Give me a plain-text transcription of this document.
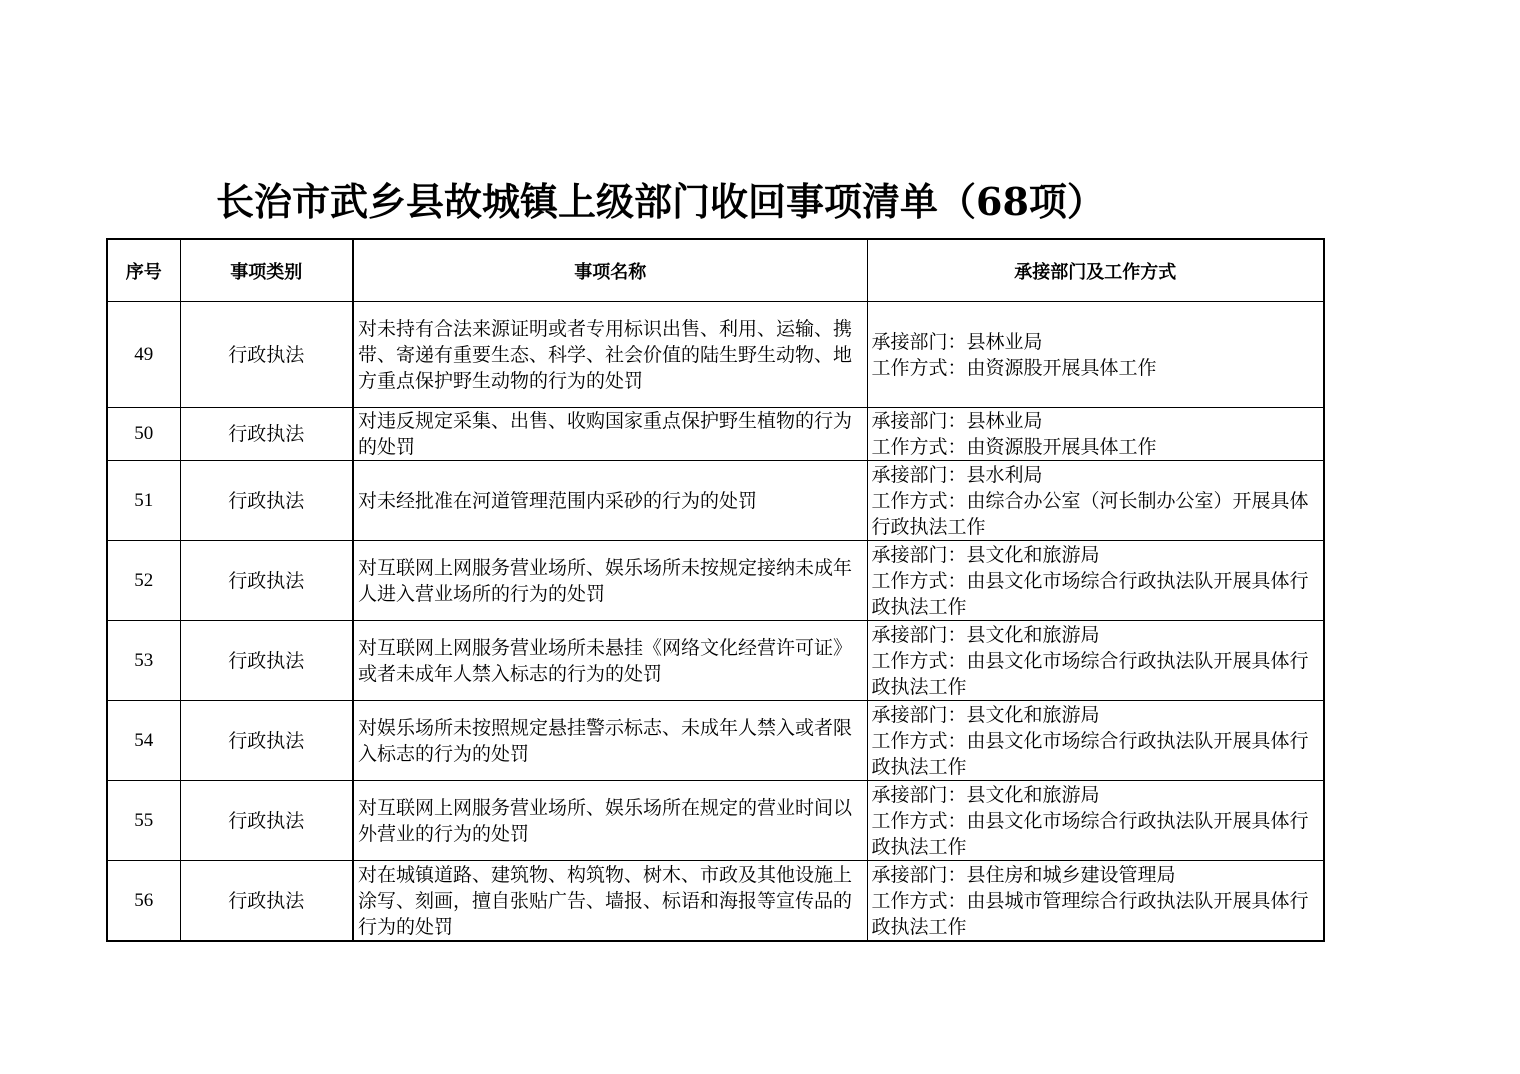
长治市武乡县故城镇上级部门收回事项清单（68项）
序号	事项类别	事项名称	承接部门及工作方式
49	行政执法	对未持有合法来源证明或者专用标识出售、利用、运输、携带、寄递有重要生态、科学、社会价值的陆生野生动物、地方重点保护野生动物的行为的处罚	承接部门：县林业局
工作方式：由资源股开展具体工作

50	行政执法	对违反规定采集、出售、收购国家重点保护野生植物的行为的处罚	承接部门：县林业局
工作方式：由资源股开展具体工作

51	行政执法	对未经批准在河道管理范围内采砂的行为的处罚	承接部门：县水利局
工作方式：由综合办公室（河长制办公室）开展具体行政执法工作

52	行政执法	对互联网上网服务营业场所、娱乐场所未按规定接纳未成年人进入营业场所的行为的处罚	承接部门：县文化和旅游局
工作方式：由县文化市场综合行政执法队开展具体行政执法工作

53	行政执法	对互联网上网服务营业场所未悬挂《网络文化经营许可证》或者未成年人禁入标志的行为的处罚	承接部门：县文化和旅游局
工作方式：由县文化市场综合行政执法队开展具体行政执法工作

54	行政执法	对娱乐场所未按照规定悬挂警示标志、未成年人禁入或者限入标志的行为的处罚	承接部门：县文化和旅游局
工作方式：由县文化市场综合行政执法队开展具体行政执法工作

55	行政执法	对互联网上网服务营业场所、娱乐场所在规定的营业时间以外营业的行为的处罚	承接部门：县文化和旅游局
工作方式：由县文化市场综合行政执法队开展具体行政执法工作

56	行政执法	对在城镇道路、建筑物、构筑物、树木、市政及其他设施上涂写、刻画，擅自张贴广告、墙报、标语和海报等宣传品的行为的处罚	承接部门：县住房和城乡建设管理局
工作方式：由县城市管理综合行政执法队开展具体行政执法工作
